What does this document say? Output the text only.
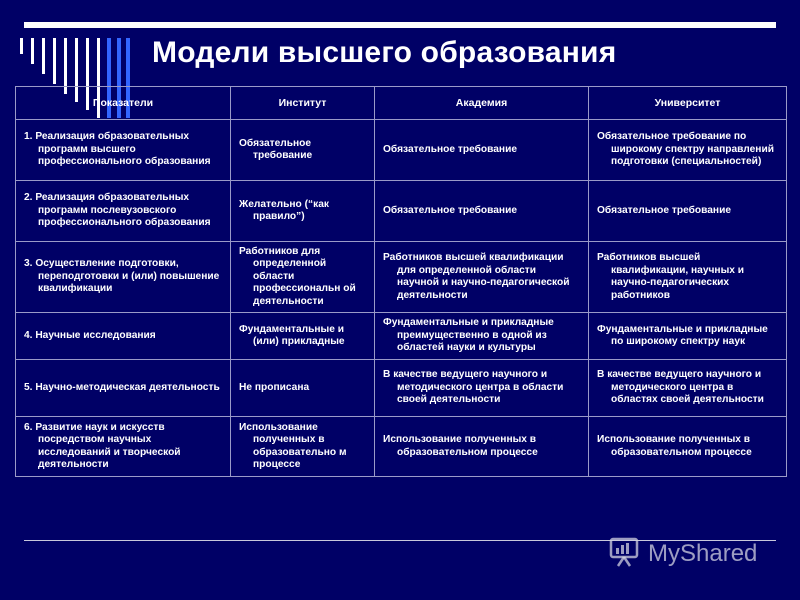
Модели высшего образования
Показатели	Институт	Академия	Университет

1. Реализация образовательных программ высшего профессионального образования	Обязательное требование	Обязательное требование	Обязательное требование по широкому спектру направлений подготовки (специальностей)

2. Реализация образовательных программ послевузовского профессионального образования	Желательно (“как правило”)	Обязательное требование	Обязательное требование

3. Осуществление подготовки, переподготовки и (или) повышение квалификации	Работников для определенной области профессиональн ой деятельности	Работников высшей квалификации для определенной области научной и научно-педагогической деятельности	Работников высшей квалификации, научных и научно-педагогических работников

4. Научные исследования	Фундаментальные и (или) прикладные	Фундаментальные и прикладные преимущественно в одной из областей науки и культуры	Фундаментальные и прикладные по широкому спектру наук

5. Научно-методическая деятельность	Не прописана	В качестве ведущего научного и методического центра в области своей деятельности	В качестве ведущего научного и методического центра в областях своей деятельности

6. Развитие наук и искусств посредством научных исследований и творческой деятельности	Использование полученных в образовательно м процессе	Использование полученных в образовательном процессе	Использование полученных в образовательном процессе
MyShared
